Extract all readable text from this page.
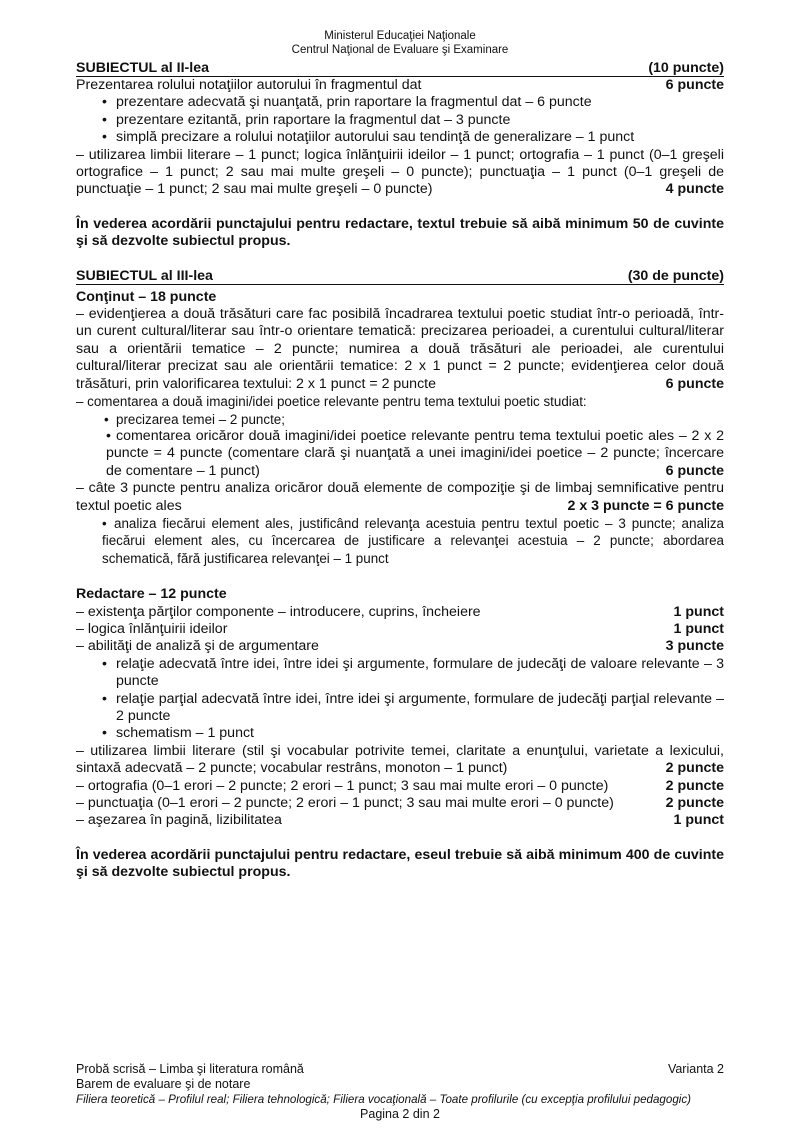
Ministerul Educaţiei Naţionale
Centrul Naţional de Evaluare şi Examinare
SUBIECTUL al II-lea	(10 puncte)
Prezentarea rolului notaţiilor autorului în fragmentul dat	6 puncte
• prezentare adecvată şi nuanţată, prin raportare la fragmentul dat – 6 puncte
• prezentare ezitantă, prin raportare la fragmentul dat – 3 puncte
• simplă precizare a rolului notaţiilor autorului sau tendinţă de generalizare – 1 punct
– utilizarea limbii literare – 1 punct; logica înlănţuirii ideilor – 1 punct; ortografia – 1 punct (0–1 greşeli ortografice – 1 punct; 2 sau mai multe greşeli – 0 puncte); punctuaţia – 1 punct (0–1 greşeli de punctuaţie – 1 punct; 2 sau mai multe greşeli – 0 puncte)	4 puncte
În vederea acordării punctajului pentru redactare, textul trebuie să aibă minimum 50 de cuvinte şi să dezvolte subiectul propus.
SUBIECTUL al III-lea	(30 de puncte)
Conţinut – 18 puncte
– evidenţierea a două trăsături care fac posibilă încadrarea textului poetic studiat într-o perioadă, într-un curent cultural/literar sau într-o orientare tematică: precizarea perioadei, a curentului cultural/literar sau a orientării tematice – 2 puncte; numirea a două trăsături ale perioadei, ale curentului cultural/literar precizat sau ale orientării tematice: 2 x 1 punct = 2 puncte; evidenţierea celor două trăsături, prin valorificarea textului: 2 x 1 punct = 2 puncte	6 puncte
– comentarea a două imagini/idei poetice relevante pentru tema textului poetic studiat:
• precizarea temei – 2 puncte;
• comentarea oricăror două imagini/idei poetice relevante pentru tema textului poetic ales – 2 x 2 puncte = 4 puncte (comentare clară şi nuanţată a unei imagini/idei poetice – 2 puncte; încercare de comentare – 1 punct)	6 puncte
– câte 3 puncte pentru analiza oricăror două elemente de compoziţie şi de limbaj semnificative pentru textul poetic ales	2 x 3 puncte = 6 puncte
• analiza fiecărui element ales, justificând relevanţa acestuia pentru textul poetic – 3 puncte; analiza fiecărui element ales, cu încercarea de justificare a relevanţei acestuia – 2 puncte; abordarea schematică, fără justificarea relevanţei – 1 punct
Redactare – 12 puncte
– existenţa părţilor componente – introducere, cuprins, încheiere	1 punct
– logica înlănţuirii ideilor	1 punct
– abilităţi de analiză şi de argumentare	3 puncte
• relaţie adecvată între idei, între idei şi argumente, formulare de judecăţi de valoare relevante – 3 puncte
• relaţie parţial adecvată între idei, între idei şi argumente, formulare de judecăţi parţial relevante – 2 puncte
• schematism – 1 punct
– utilizarea limbii literare (stil şi vocabular potrivite temei, claritate a enunţului, varietate a lexicului, sintaxă adecvată – 2 puncte; vocabular restrâns, monoton – 1 punct)	2 puncte
– ortografia (0–1 erori – 2 puncte; 2 erori – 1 punct; 3 sau mai multe erori – 0 puncte)	2 puncte
– punctuaţia (0–1 erori – 2 puncte; 2 erori – 1 punct; 3 sau mai multe erori – 0 puncte)	2 puncte
– aşezarea în pagină, lizibilitatea	1 punct
În vederea acordării punctajului pentru redactare, eseul trebuie să aibă minimum 400 de cuvinte şi să dezvolte subiectul propus.
Probă scrisă – Limba şi literatura română	Varianta 2
Barem de evaluare şi de notare
Filiera teoretică – Profilul real; Filiera tehnologică; Filiera vocaţională – Toate profilurile (cu excepţia profilului pedagogic)
Pagina 2 din 2
